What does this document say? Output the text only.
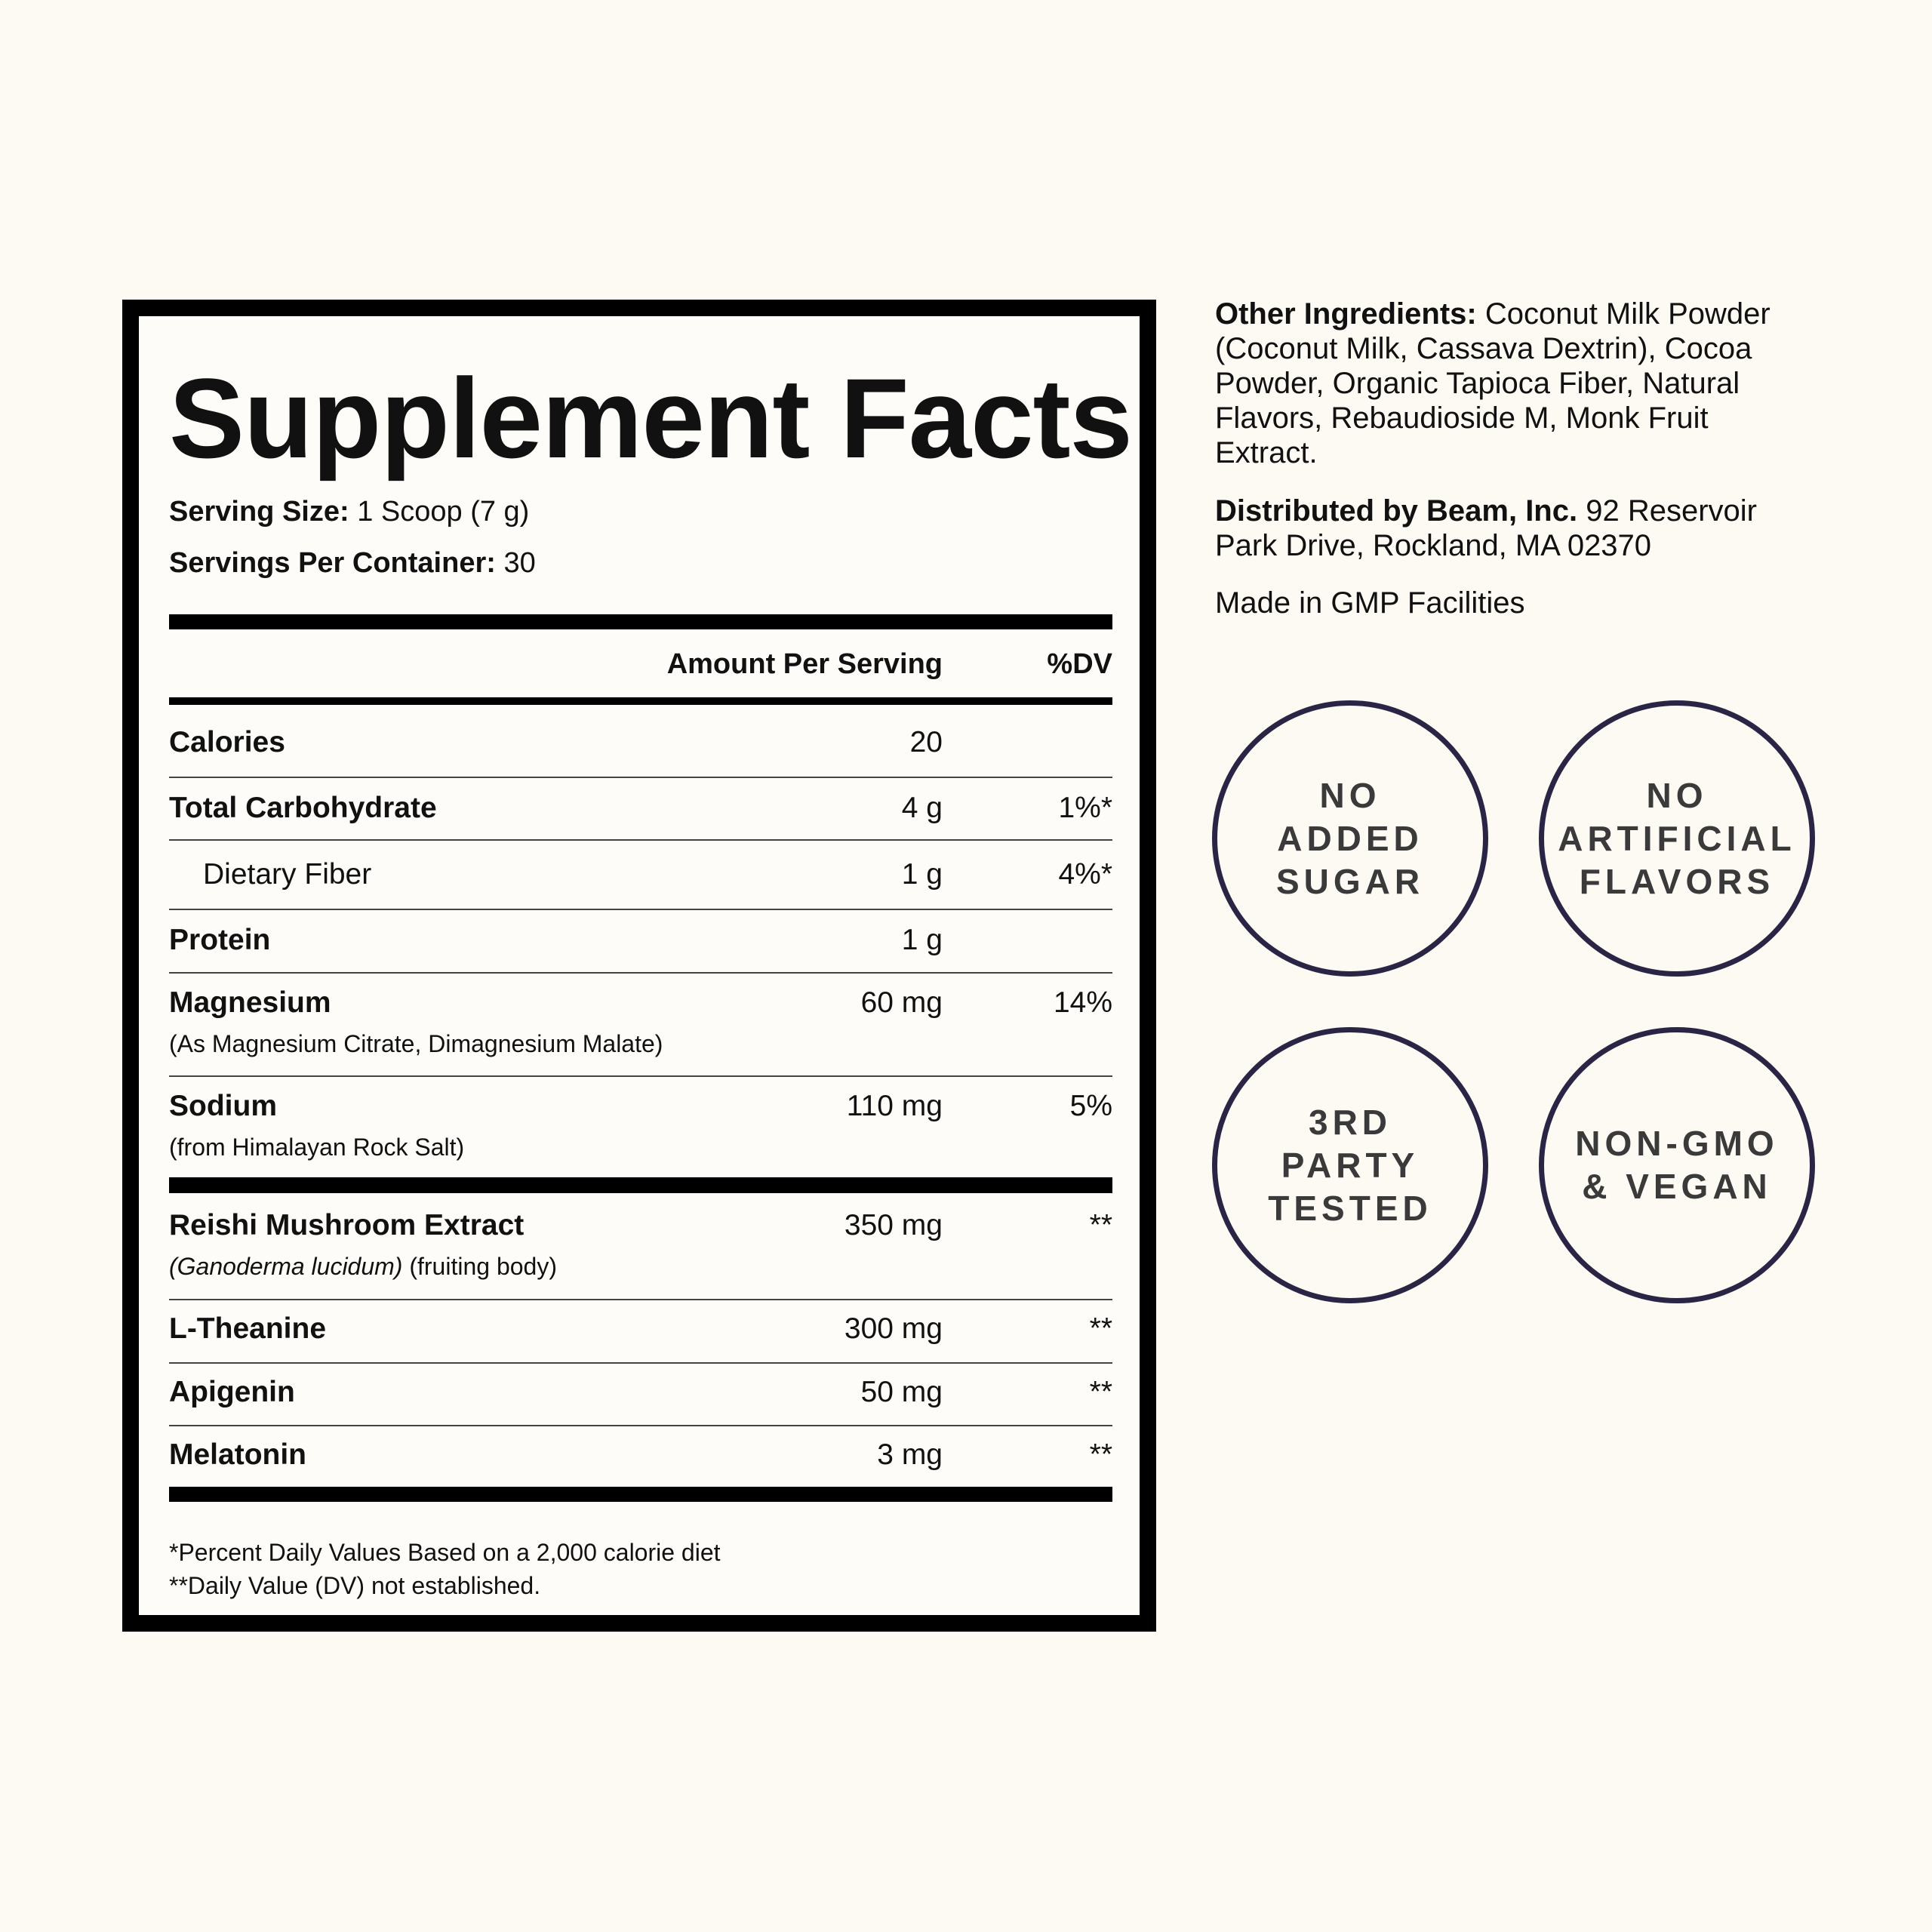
Supplement Facts
Serving Size: 1 Scoop (7 g)
Servings Per Container: 30
Amount Per Serving	%DV
Calories	20
Total Carbohydrate	4 g	1%*
Dietary Fiber	1 g	4%*
Protein	1 g
Magnesium	60 mg	14%
(As Magnesium Citrate, Dimagnesium Malate)
Sodium	110 mg	5%
(from Himalayan Rock Salt)
Reishi Mushroom Extract	350 mg	**
(Ganoderma lucidum) (fruiting body)
L-Theanine	300 mg	**
Apigenin	50 mg	**
Melatonin	3 mg	**
*Percent Daily Values Based on a 2,000 calorie diet
**Daily Value (DV) not established.
Other Ingredients: Coconut Milk Powder (Coconut Milk, Cassava Dextrin), Cocoa Powder, Organic Tapioca Fiber, Natural Flavors, Rebaudioside M, Monk Fruit Extract.
Distributed by Beam, Inc. 92 Reservoir Park Drive, Rockland, MA 02370
Made in GMP Facilities
NO
ADDED
SUGAR
NO
ARTIFICIAL
FLAVORS
3RD
PARTY
TESTED
NON-GMO
& VEGAN
